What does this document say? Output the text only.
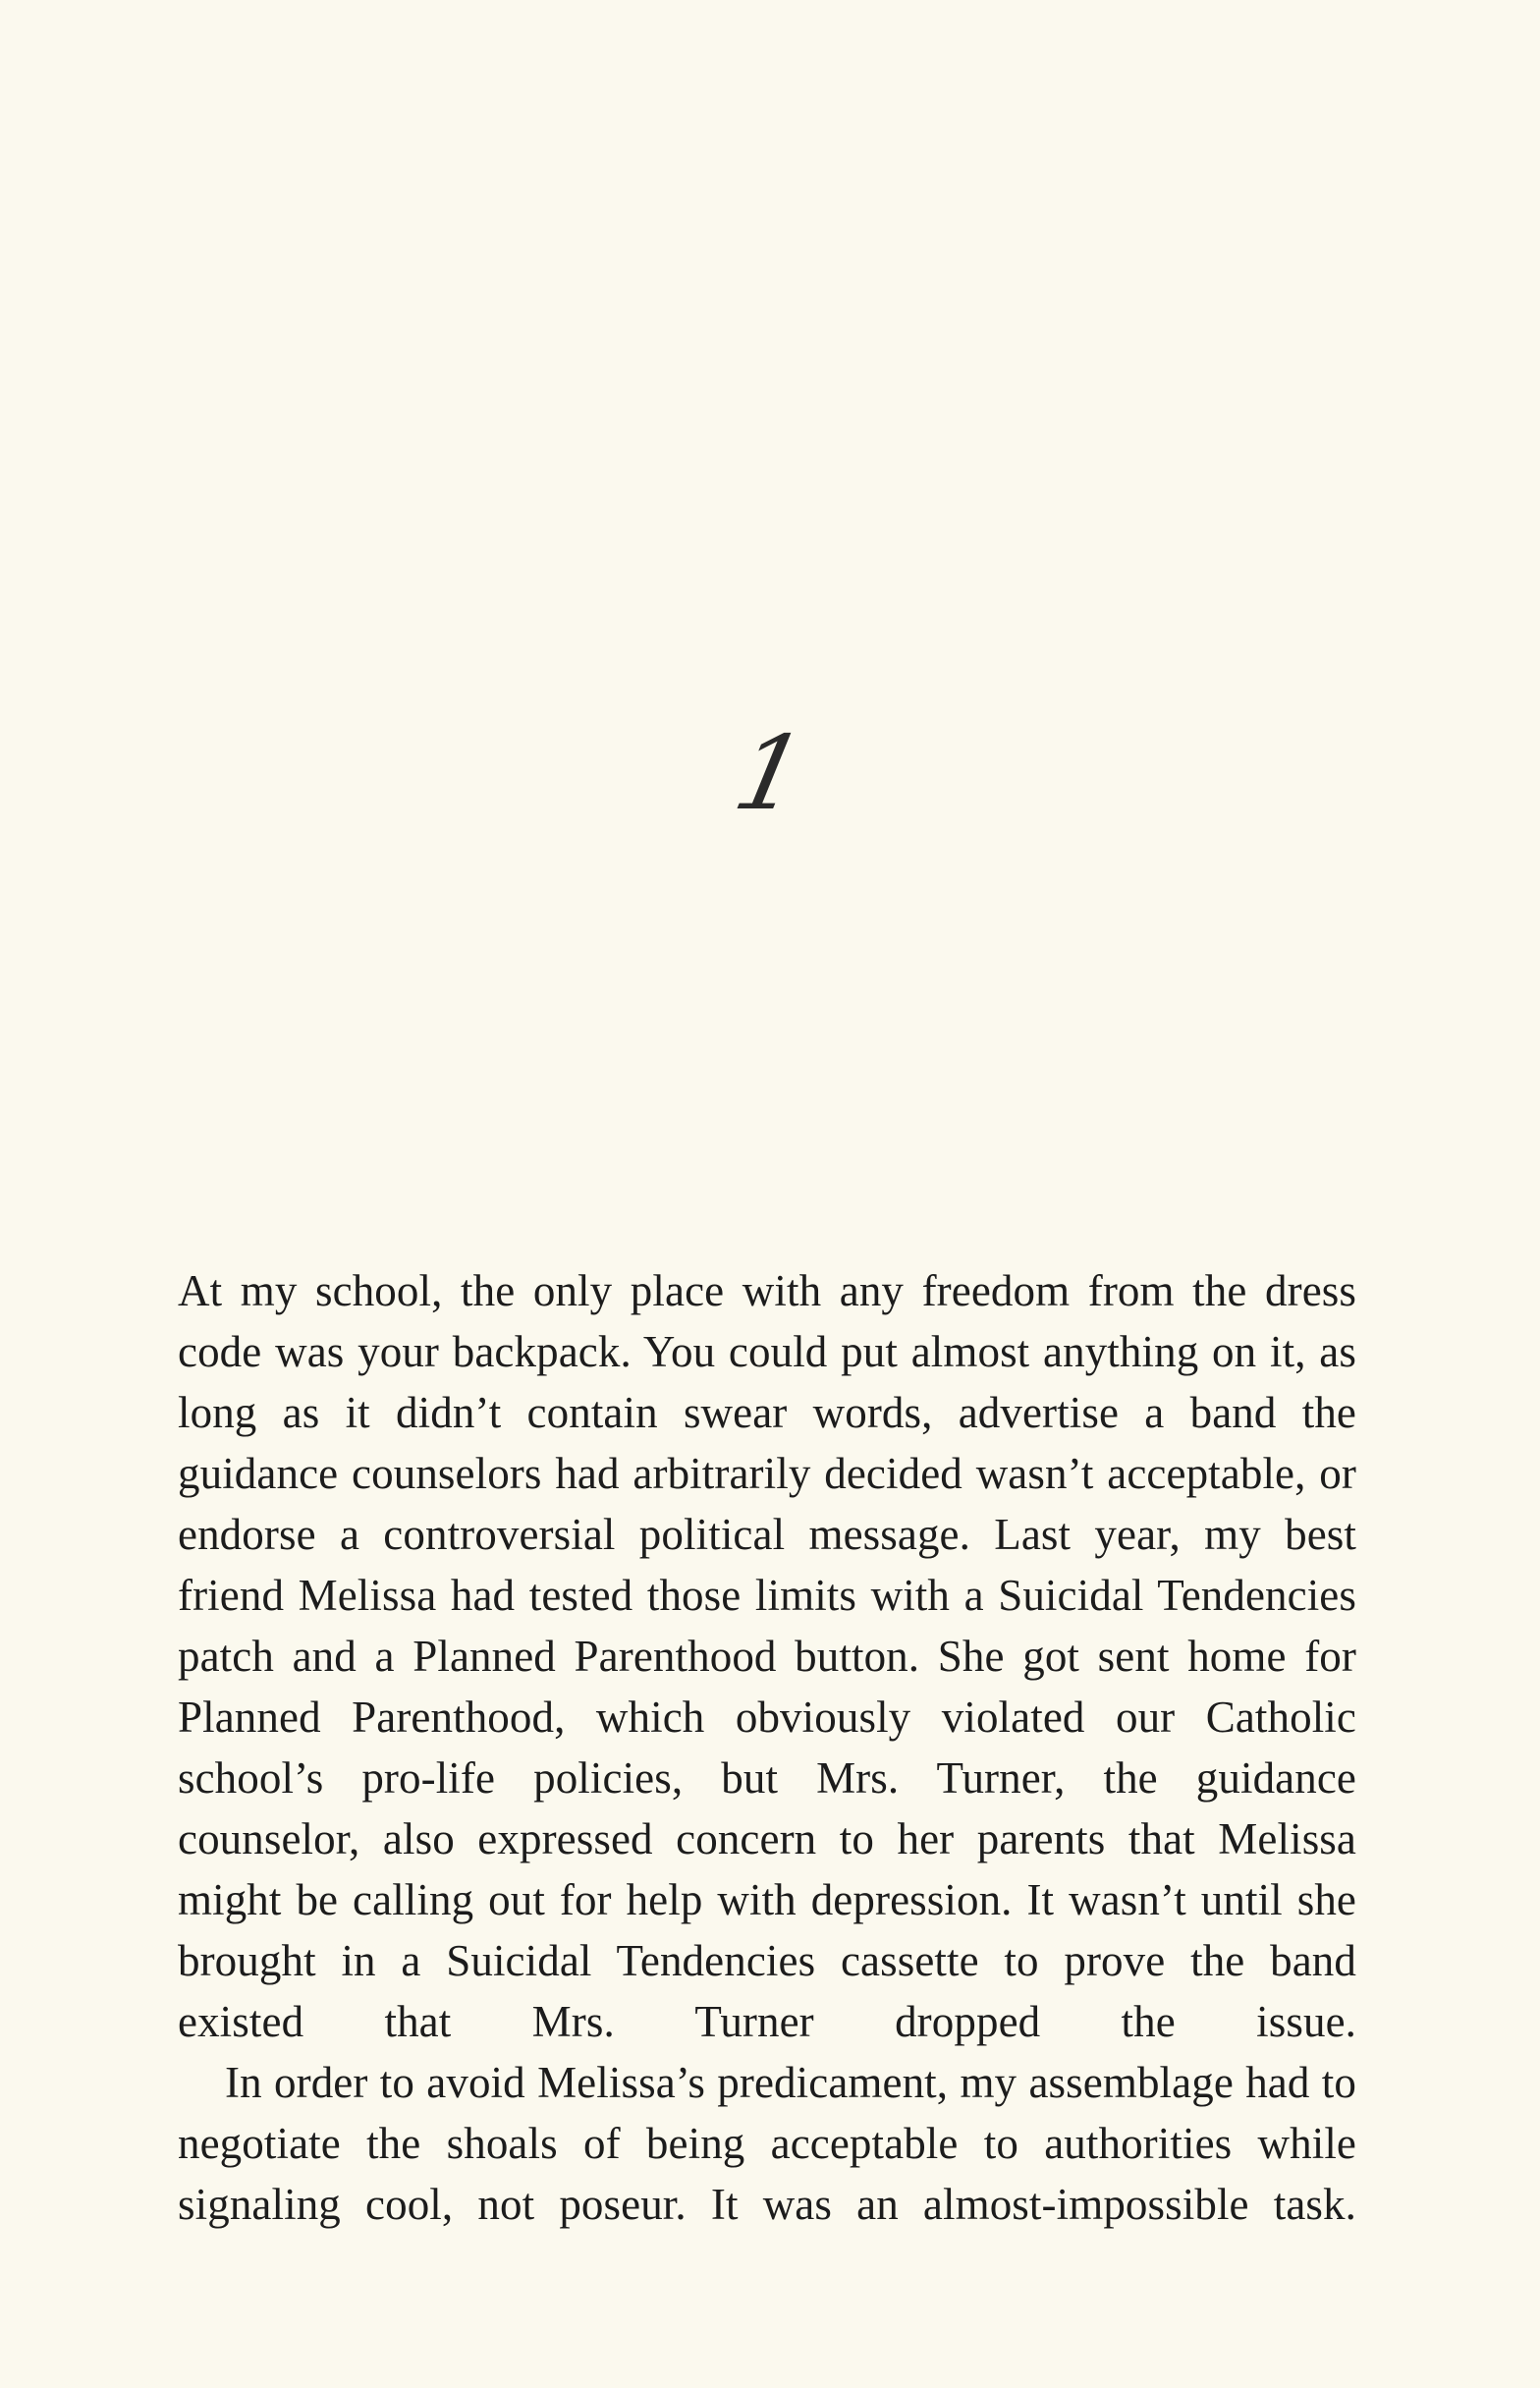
1

At my school, the only place with any freedom from the dress code was your backpack. You could put almost anything on it, as long as it didn’t contain swear words, advertise a band the guidance counselors had arbitrarily decided wasn’t acceptable, or endorse a controversial political message. Last year, my best friend Melissa had tested those limits with a Suicidal Tendencies patch and a Planned Parenthood button. She got sent home for Planned Parenthood, which obviously violated our Catholic school’s pro-life policies, but Mrs. Turner, the guidance counselor, also expressed concern to her parents that Melissa might be calling out for help with depression. It wasn’t until she brought in a Suicidal Tendencies cassette to prove the band existed that Mrs. Turner dropped the issue.

In order to avoid Melissa’s predicament, my assemblage had to negotiate the shoals of being acceptable to authorities while signaling cool, not poseur. It was an almost-impossible task.
